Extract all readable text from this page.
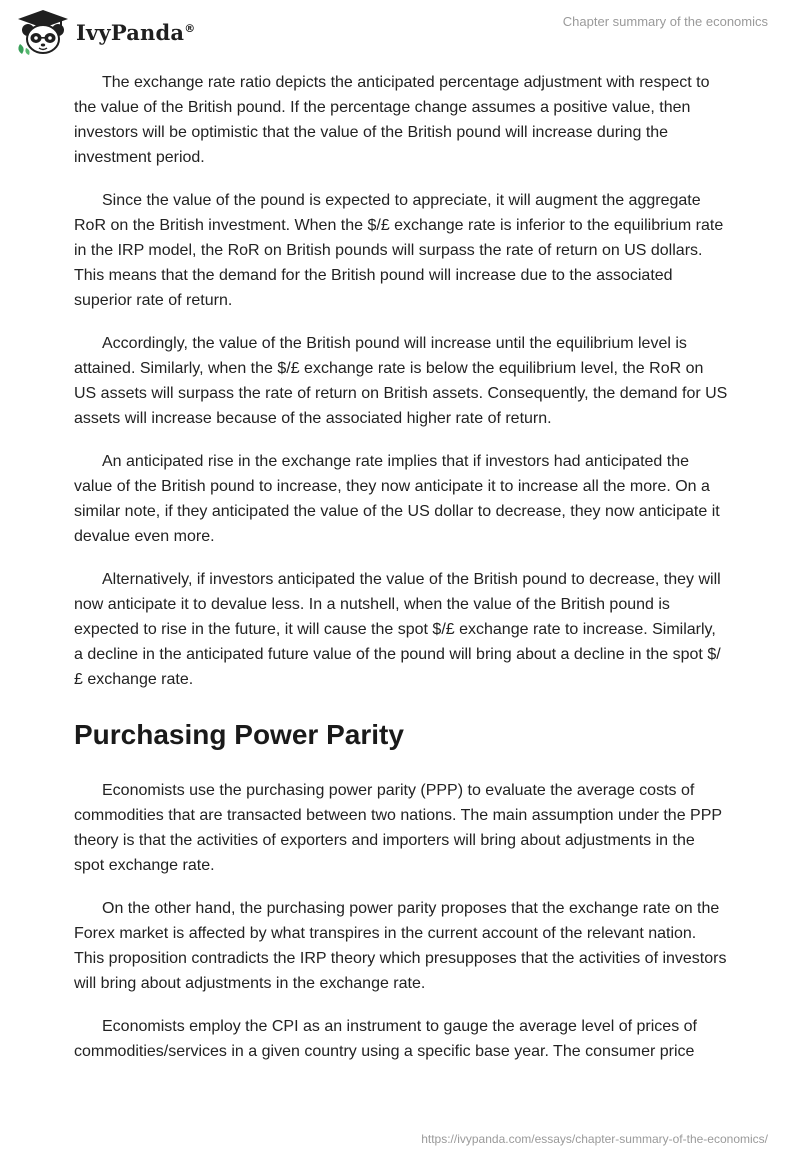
IvyPanda®	Chapter summary of the economics

The exchange rate ratio depicts the anticipated percentage adjustment with respect to the value of the British pound. If the percentage change assumes a positive value, then investors will be optimistic that the value of the British pound will increase during the investment period.

Since the value of the pound is expected to appreciate, it will augment the aggregate RoR on the British investment. When the $/£ exchange rate is inferior to the equilibrium rate in the IRP model, the RoR on British pounds will surpass the rate of return on US dollars. This means that the demand for the British pound will increase due to the associated superior rate of return.

Accordingly, the value of the British pound will increase until the equilibrium level is attained. Similarly, when the $/£ exchange rate is below the equilibrium level, the RoR on US assets will surpass the rate of return on British assets. Consequently, the demand for US assets will increase because of the associated higher rate of return.

An anticipated rise in the exchange rate implies that if investors had anticipated the value of the British pound to increase, they now anticipate it to increase all the more. On a similar note, if they anticipated the value of the US dollar to decrease, they now anticipate it devalue even more.

Alternatively, if investors anticipated the value of the British pound to decrease, they will now anticipate it to devalue less. In a nutshell, when the value of the British pound is expected to rise in the future, it will cause the spot $/£ exchange rate to increase. Similarly, a decline in the anticipated future value of the pound will bring about a decline in the spot $/£ exchange rate.

Purchasing Power Parity

Economists use the purchasing power parity (PPP) to evaluate the average costs of commodities that are transacted between two nations. The main assumption under the PPP theory is that the activities of exporters and importers will bring about adjustments in the spot exchange rate.

On the other hand, the purchasing power parity proposes that the exchange rate on the Forex market is affected by what transpires in the current account of the relevant nation. This proposition contradicts the IRP theory which presupposes that the activities of investors will bring about adjustments in the exchange rate.

Economists employ the CPI as an instrument to gauge the average level of prices of commodities/services in a given country using a specific base year. The consumer price

https://ivypanda.com/essays/chapter-summary-of-the-economics/
